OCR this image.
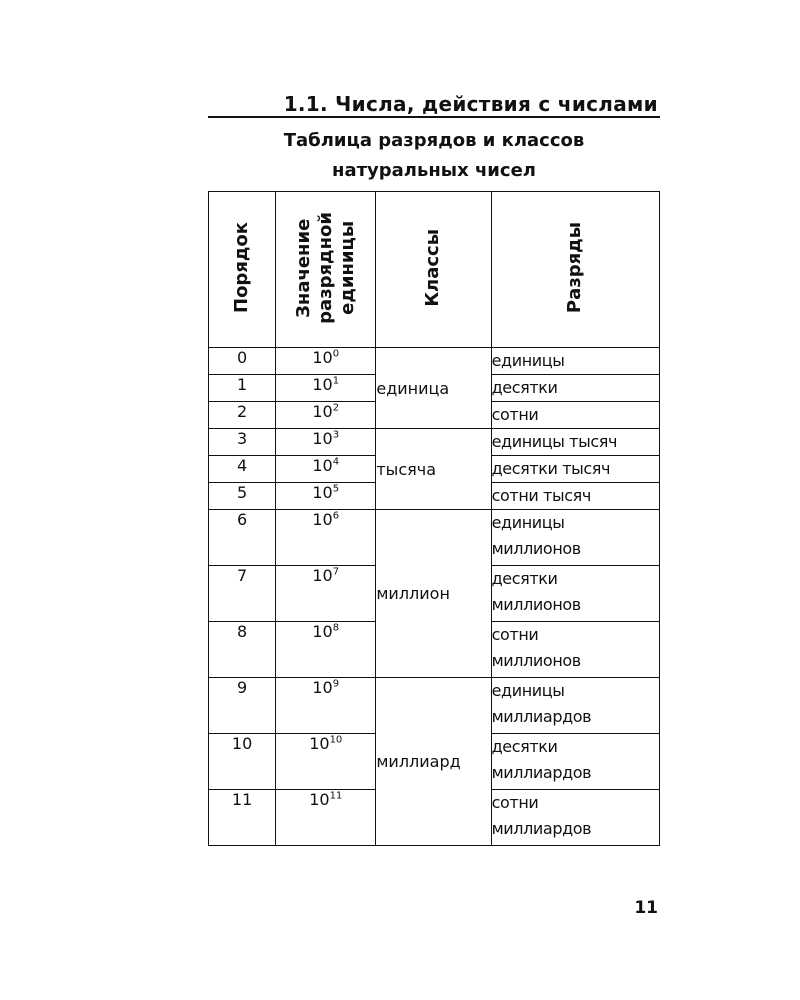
1.1. Числа, действия с числами
Таблица разрядов и классов
натуральных чисел
Порядок	Значение
разрядной
единицы	Классы	Разряды
0	$10^0$	единица	единицы
1	$10^1$		десятки
2	$10^2$		сотни
3	$10^3$	тысяча	единицы тысяч
4	$10^4$		десятки тысяч
5	$10^5$		сотни тысяч
6	$10^6$	миллион	единицы
миллионов
7	$10^7$		десятки
миллионов
8	$10^8$		сотни
миллионов
9	$10^9$	миллиард	единицы
миллиардов
10	$10^{10}$		десятки
миллиардов
11	$10^{11}$		сотни
миллиардов
11
